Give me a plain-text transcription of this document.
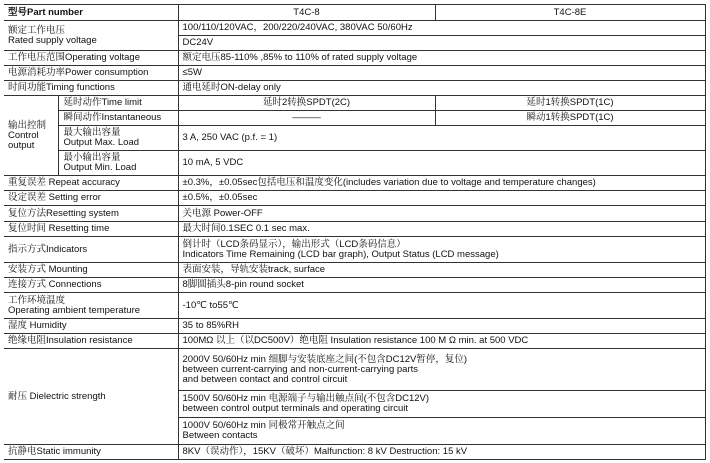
型号Part number		T4C-8	T4C-8E

额定工作电压
Rated supply voltage		100/110/120VAC，200/220/240VAC, 380VAC 50/60Hz	
		DC24V	
工作电压范围Operating voltage		额定电压85-110% ,85% to 110% of rated supply voltage	
电源消耗功率Power consumption		≤5W	
时间功能Timing functions		通电延时ON-delay only	

输出控制
Control
output	延时动作Time limit	延时2转换SPDT(2C)	延时1转换SPDT(1C)
	瞬间动作Instantaneous	———	瞬动1转换SPDT(1C)

	最大输出容量
Output Max. Load	3 A, 250 VAC (p.f. = 1)	

	最小输出容量
Output Min. Load	10 mA, 5 VDC	
重复误差 Repeat accuracy		±0.3%，±0.05sec包括电压和温度变化(includes variation due to voltage and temperature changes)	
设定误差 Setting error		±0.5%，±0.05sec	
复位方法Resetting system		关电源 Power-OFF	
复位时间 Resetting time		最大时间0.1SEC 0.1 sec max.	
指示方式Indicators		倒计时（LCD条码显示），输出形式（LCD条码信息）
Indicators Time Remaining (LCD bar graph), Output Status (LCD message)	

安装方式 Mounting		表面安装，导轨安装track, surface	
连接方式 Connections		8脚圆插头8-pin round socket	

工作环境温度
Operating ambient temperature		-10℃ to55℃	
湿度 Humidity		35 to 85%RH	
绝缘电阻Insulation resistance		100MΩ 以上（以DC500V）绝电阻 Insulation resistance 100 M Ω min. at 500 VDC	
耐压 Dielectric strength		2000V 50/60Hz min 细脚与安装底座之间(不包含DC12V暂停，复位)
between current-carrying and non-current-carrying parts
and between contact and control circuit	

		1500V 50/60Hz min 电源端子与输出触点间(不包含DC12V)
between control output terminals and operating circuit	

		1000V 50/60Hz min 同极常开触点之间
Between contacts	

抗静电Static immunity		8KV（误动作），15KV（破坏）Malfunction: 8 kV Destruction: 15 kV	
